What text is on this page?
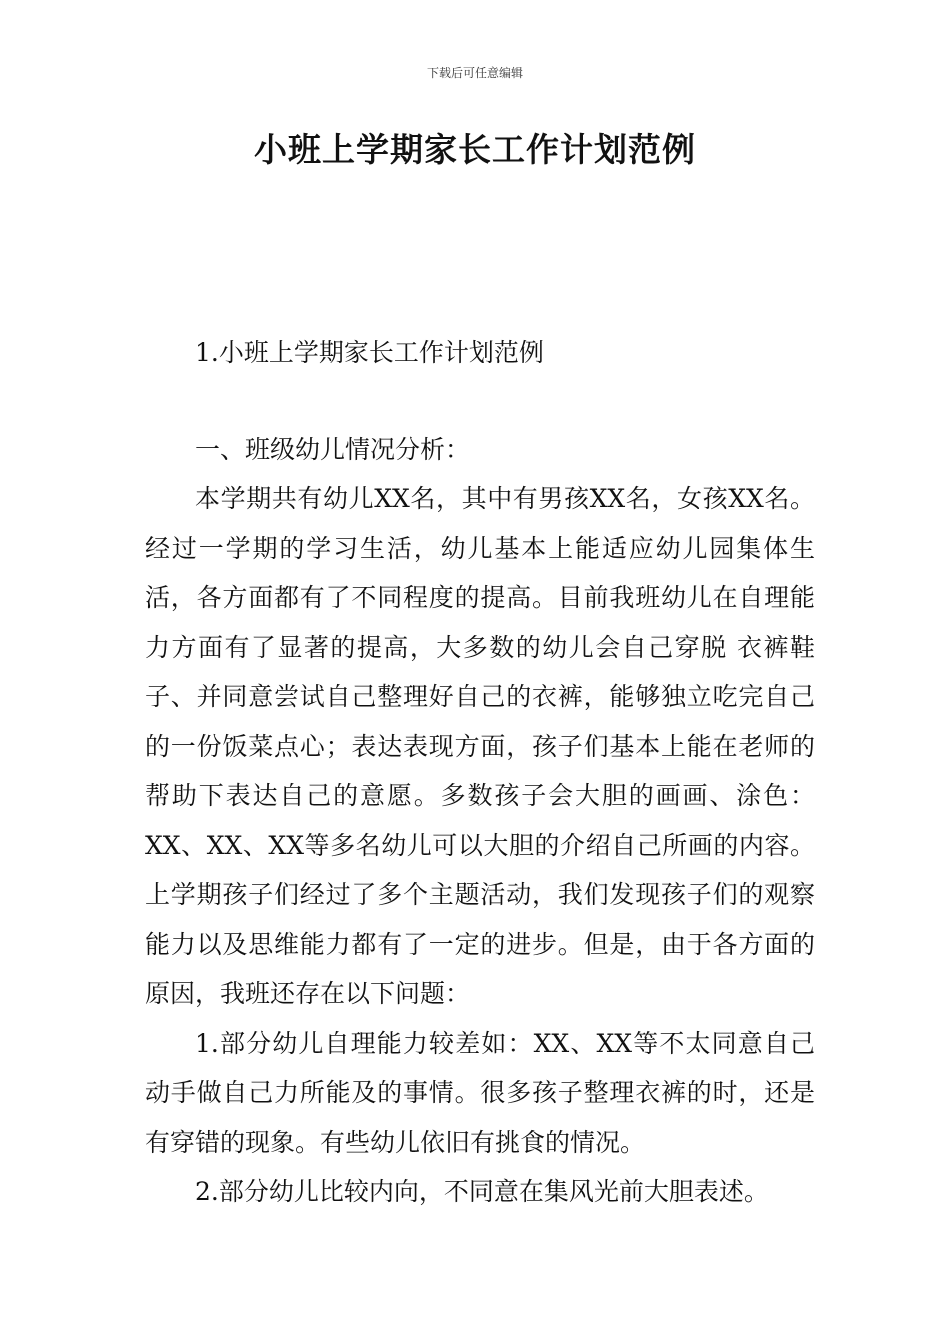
下载后可任意编辑
小班上学期家长工作计划范例

1.小班上学期家长工作计划范例

一、班级幼儿情况分析：

本学期共有幼儿XX名，其中有男孩XX名，女孩XX名。经过一学期的学习生活，幼儿基本上能适应幼儿园集体生活，各方面都有了不同程度的提高。目前我班幼儿在自理能力方面有了显著的提高，大多数的幼儿会自己穿脱 衣裤鞋子、并同意尝试自己整理好自己的衣裤，能够独立吃完自己的一份饭菜点心；表达表现方面，孩子们基本上能在老师的帮助下表达自己的意愿。多数孩子会大胆的画画、涂色：XX、XX、XX等多名幼儿可以大胆的介绍自己所画的内容。上学期孩子们经过了多个主题活动，我们发现孩子们的观察能力以及思维能力都有了一定的进步。但是，由于各方面的原因，我班还存在以下问题：

1.部分幼儿自理能力较差如：XX、XX等不太同意自己动手做自己力所能及的事情。很多孩子整理衣裤的时，还是有穿错的现象。有些幼儿依旧有挑食的情况。

2.部分幼儿比较内向，不同意在集风光前大胆表述。
